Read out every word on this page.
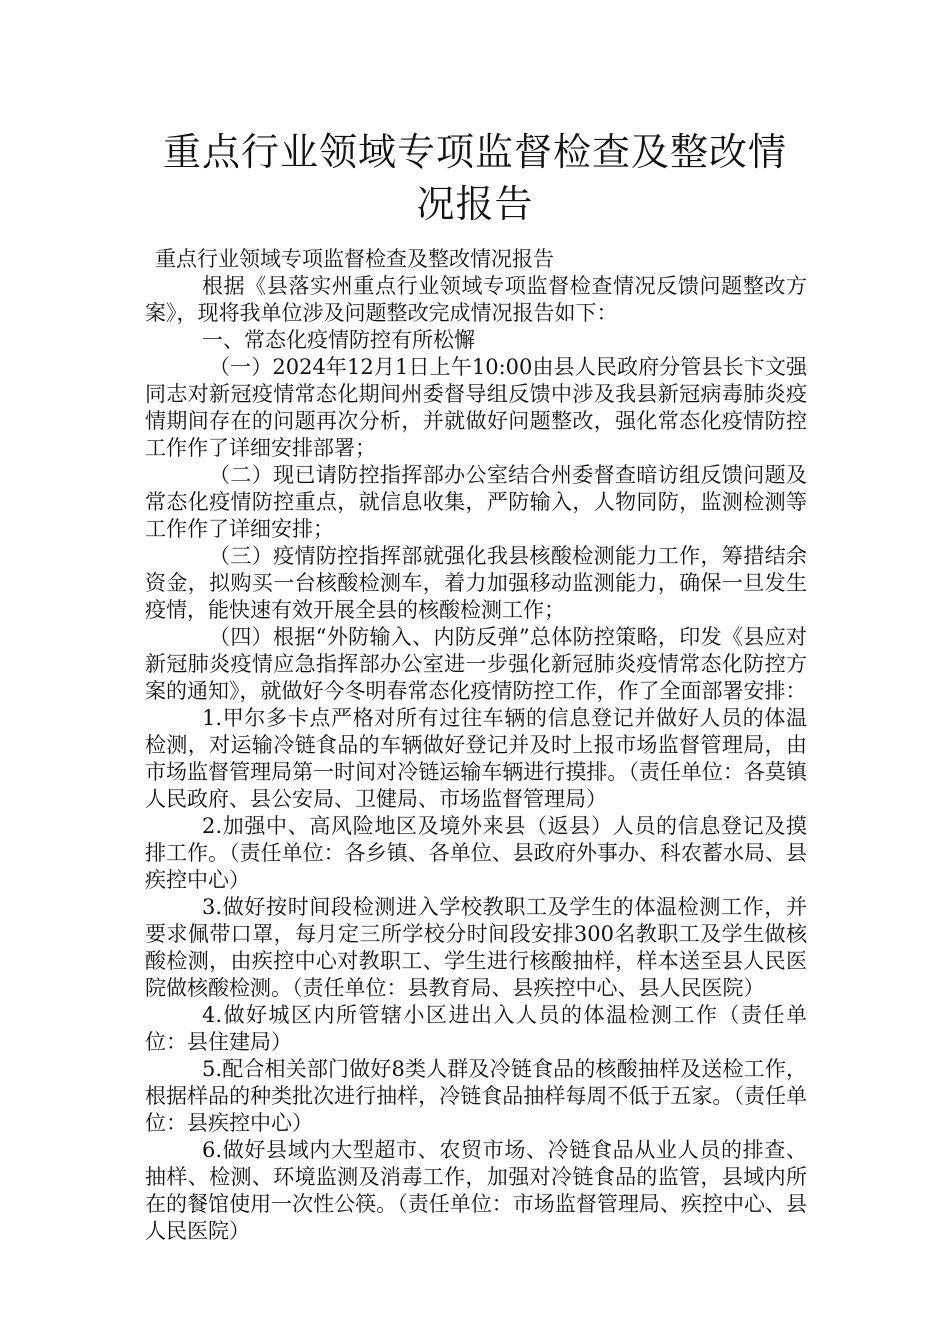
重点行业领域专项监督检查及整改情况报告

重点行业领域专项监督检查及整改情况报告

根据《县落实州重点行业领域专项监督检查情况反馈问题整改方案》，现将我单位涉及问题整改完成情况报告如下：

一、常态化疫情防控有所松懈

（一）2024年12月1日上午10:00由县人民政府分管县长卞文强同志对新冠疫情常态化期间州委督导组反馈中涉及我县新冠病毒肺炎疫情期间存在的问题再次分析，并就做好问题整改，强化常态化疫情防控工作作了详细安排部署；

（二）现已请防控指挥部办公室结合州委督查暗访组反馈问题及常态化疫情防控重点，就信息收集，严防输入，人物同防，监测检测等工作作了详细安排；

（三）疫情防控指挥部就强化我县核酸检测能力工作，筹措结余资金，拟购买一台核酸检测车，着力加强移动监测能力，确保一旦发生疫情，能快速有效开展全县的核酸检测工作；

（四）根据“外防输入、内防反弹”总体防控策略，印发《县应对新冠肺炎疫情应急指挥部办公室进一步强化新冠肺炎疫情常态化防控方案的通知》，就做好今冬明春常态化疫情防控工作，作了全面部署安排：

1.甲尔多卡点严格对所有过往车辆的信息登记并做好人员的体温检测，对运输冷链食品的车辆做好登记并及时上报市场监督管理局，由市场监督管理局第一时间对冷链运输车辆进行摸排。（责任单位：各莫镇人民政府、县公安局、卫健局、市场监督管理局）

2.加强中、高风险地区及境外来县（返县）人员的信息登记及摸排工作。（责任单位：各乡镇、各单位、县政府外事办、科农蓄水局、县疾控中心）

3.做好按时间段检测进入学校教职工及学生的体温检测工作，并要求佩带口罩，每月定三所学校分时间段安排300名教职工及学生做核酸检测，由疾控中心对教职工、学生进行核酸抽样，样本送至县人民医院做核酸检测。（责任单位：县教育局、县疾控中心、县人民医院）

4.做好城区内所管辖小区进出入人员的体温检测工作（责任单位：县住建局）

5.配合相关部门做好8类人群及冷链食品的核酸抽样及送检工作，根据样品的种类批次进行抽样，冷链食品抽样每周不低于五家。（责任单位：县疾控中心）

6.做好县域内大型超市、农贸市场、冷链食品从业人员的排查、抽样、检测、环境监测及消毒工作，加强对冷链食品的监管，县域内所在的餐馆使用一次性公筷。（责任单位：市场监督管理局、疾控中心、县人民医院）
